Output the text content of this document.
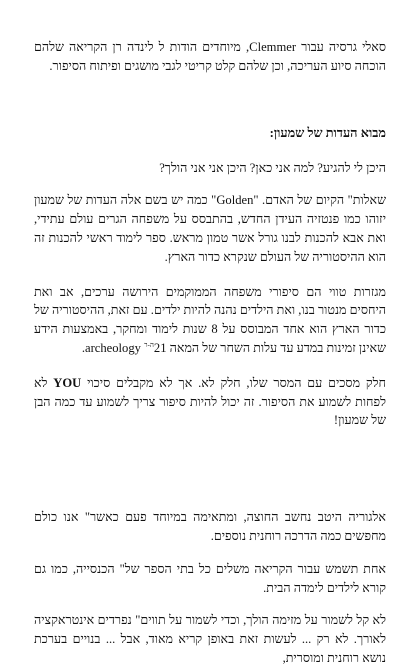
סאלי גרסיה עבור Clemmer, מיוחדים הודות ל לינדה רן הקריאה שלהם הוכחה סיוע העריכה, וכן שלהם קלט קריטי לגבי מושגים ופיתוח הסיפור.

מבוא העדות של שמעון:

היכן לי להגיע? למה אני כאן? היכן אני אני הולך?

שאלות" הקיום של האדם. "Golden" כמה יש בשם אלה העדות של שמעון יזוהו כמו פנטזיה העידן החדש, בהתבסס על משפחה הגרים עולם עתידי, ואת אבא להכנות לבנו גורל אשר טמון מראש. ספר לימוד ראשי להכנות זה הוא ההיסטוריה של העולם שנקרא כדור הארץ.

מגזרות טווי הם סיפורי משפחה הממוקמים הירושה ערכים, אב ואת היחסים מנטור בנו, ואת הילדים נהנה להיות ילדים. עם זאת, ההיסטוריה של כדור הארץ הוא אחד המבוסס על 8 שנות לימוד ומחקר, באמצעות הידע שאינן זמינות במדע עד עלות השחר של המאה $21^{ה-ר}$ archeology.

חלק מסכים עם המסר שלו, חלק לא. אך לא מקבלים סיכוי YOU לא לפחות לשמוע את הסיפור. זה יכול להיות סיפור צריך לשמוע עד כמה הבן של שמעון!

אלגוריה היטב נחשב החוצה, ומתאימה במיוחד פעם כאשר" אנו כולם מחפשים כמה הדרכה רוחנית נוספים.

אחת תשמש עבור הקריאה משלים כל בתי הספר של" הכנסייה, כמו גם קורא לילדים לימדה הבית.

לא קל לשמור על מזימה הולך, וכדי לשמור על תווים" נפרדים אינטראקציה לאורך. לא רק ... לעשות זאת באופן קריא מאוד, אבל ... בנויים בערכת נושא רוחנית ומוסרית,
